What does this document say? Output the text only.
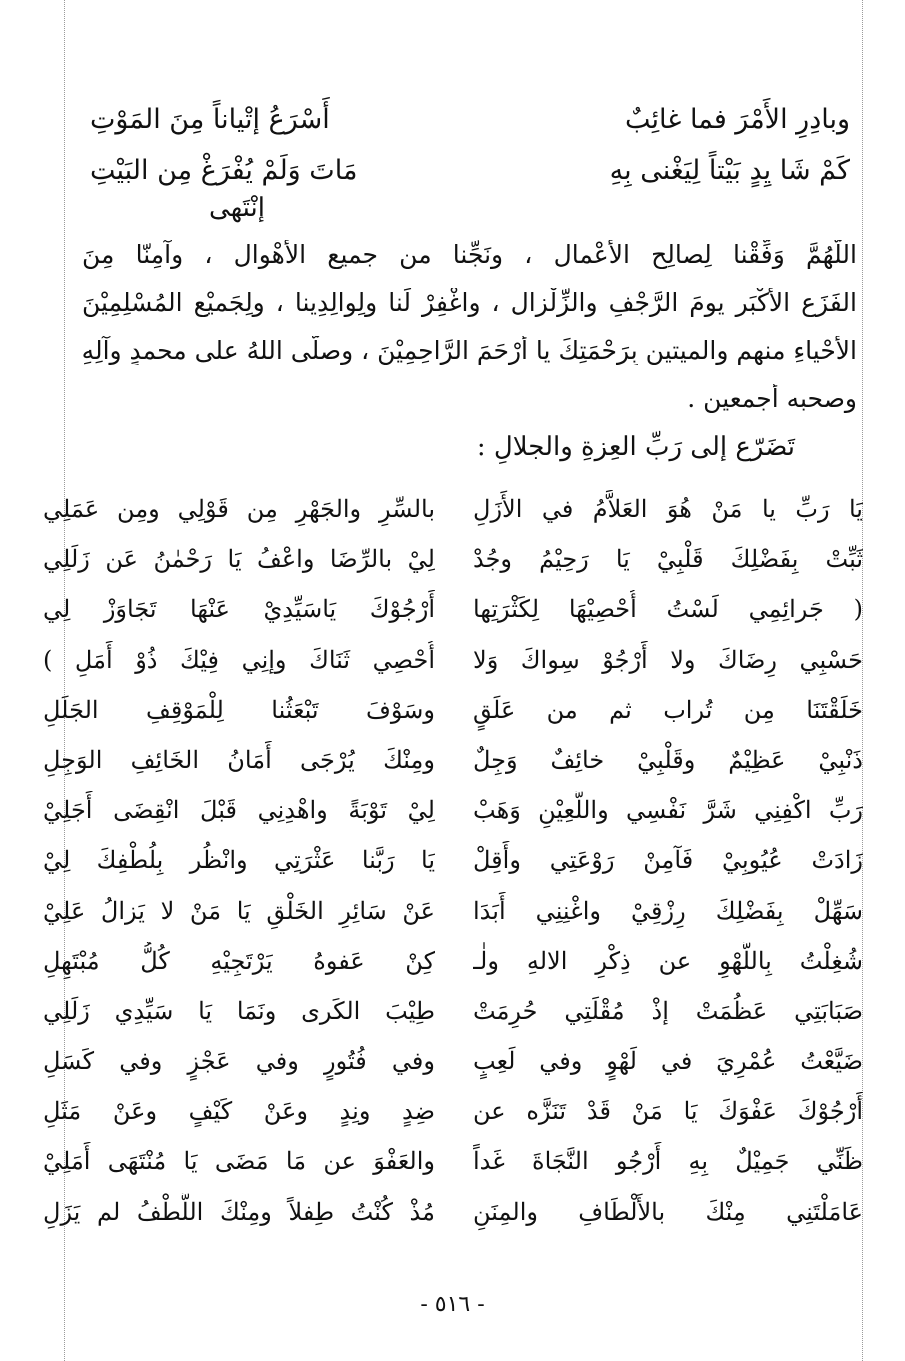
وبادِرِ الأَمْرَ فما غائِبٌ
أَسْرَعُ إتْياناً مِنَ المَوْتِ
كَمْ شَا يِدٍ بَيْتاً لِيَغْنى بِهِ
مَاتَ وَلَمْ يُفْرَغْ مِن البَيْتِ
إنْتَهى
اللّهُمَّ وَفِّقْنا لِصالِحِ الأعْمالِ ، ونَجِّنا من جميعِ الأَهْوالِ ، وآمِنّا مِنَ
الفَزَعِ الأَكْبَرِ يومَ الرَّجْفِ والزِّلْزالِ ، واغْفِرْ لَنا ولِوالِدِينا ، ولِجَميْعِ المُسْلِمِيْنَ
الأَحْياءِ منهم والميتين بِرَحْمَتِكَ يا أَرْحَمَ الرَّاحِمِيْنَ ، وصلّى اللهُ على محمدٍ وآلِهِ
وصحبه أجمعين .
تَضَرّع إلى رَبِّ العِزةِ والجلالِ :
يَا رَبِّ يا مَنْ هُوَ العَلاَّمُ في الأَزَلِ
ثَبِّتْ بِفَضْلِكَ قَلْبِيْ يَا رَحِيْمُ وجُدْ
( جَرائِمِي لَسْتُ أُحْصِيْهَا لِكَثْرَتِها
حَسْبِي رِضَاكَ ولا أَرْجُوْ سِواكَ وَلا
خَلَقْتَنَا مِن تُراب ثم من عَلَقٍ
ذَنْبِيْ عَظِيْمٌ وقَلْبِيْ خائِفٌ وَجِلٌ
رَبِّ اكْفِنِي شَرَّ نَفْسِي واللَّعِيْنِ وَهَبْ
زَادَتْ عُيُوبِيْ فَآمِنْ رَوْعَتِي وأَقِلْ
سَهِّلْ بِفَضْلِكَ رِزْقِيْ واغْنِنِي أَبَدَا
شُغِلْتُ بِاللَّهْوِ عن ذِكْرِ الالهِ ولٰـ
صَبَابَتِي عَظُمَتْ إذْ مُقْلَتِي حُرِمَتْ
ضَيَّعْتُ عُمْرِيَ في لَهْوٍ وفي لَعِبٍ
أَرْجُوْكَ عَفْوَكَ يَا مَنْ قَدْ تَنَزَّه عن
ظَنِّي جَمِيْلٌ بِهِ أَرْجُو النَّجَاةَ غَداً
عَامَلْتَنِي مِنْكَ بالأَلْطَافِ والمِنَنِ
بالسِّرِ والجَهْرِ مِن قَوْلِي ومِن عَمَلِي
لِيْ بالرِّضَا واعْفُ يَا رَحْمٰنُ عَن زَلَلِي
أَرْجُوْكَ يَاسَيِّدِيْ عَنْهَا تَجَاوَزْ لِي
أُحْصِي ثَنَاكَ وإنِي فِيْكَ ذُوْ أَمَلِ )
وسَوْفَ تَبْعَثُنا لِلْمَوْقِفِ الجَلَلِ
ومِنْكَ يُرْجَى أَمَانُ الخَائِفِ الوَجِلِ
لِيْ تَوْبَةً واهْدِنِي قَبْلَ انْقِضَى أَجَلِيْ
يَا رَبَّنا عَثْرَتِي وانْظُر بِلُطْفِكَ لِيْ
عَنْ سَائِرِ الخَلْقِ يَا مَنْ لا يَزالُ عَلِيْ
كِنْ عَفوهُ يَرْتَجِيْهِ كُلُّ مُبْتَهِلِ
طِيْبَ الكَرى ونَمَا يَا سَيِّدِي زَلَلِي
وفي فُتُورٍ وفي عَجْزٍ وفي كَسَلِ
ضِدٍ ونِدٍ وعَنْ كَيْفٍ وعَنْ مَثَلِ
والعَفْوَ عن مَا مَضَى يَا مُنْتَهَى أَمَلِيْ
مُذْ كُنْتُ طِفلاً ومِنْكَ اللُّطْفُ لم يَزَلِ
- ٥١٦ -
